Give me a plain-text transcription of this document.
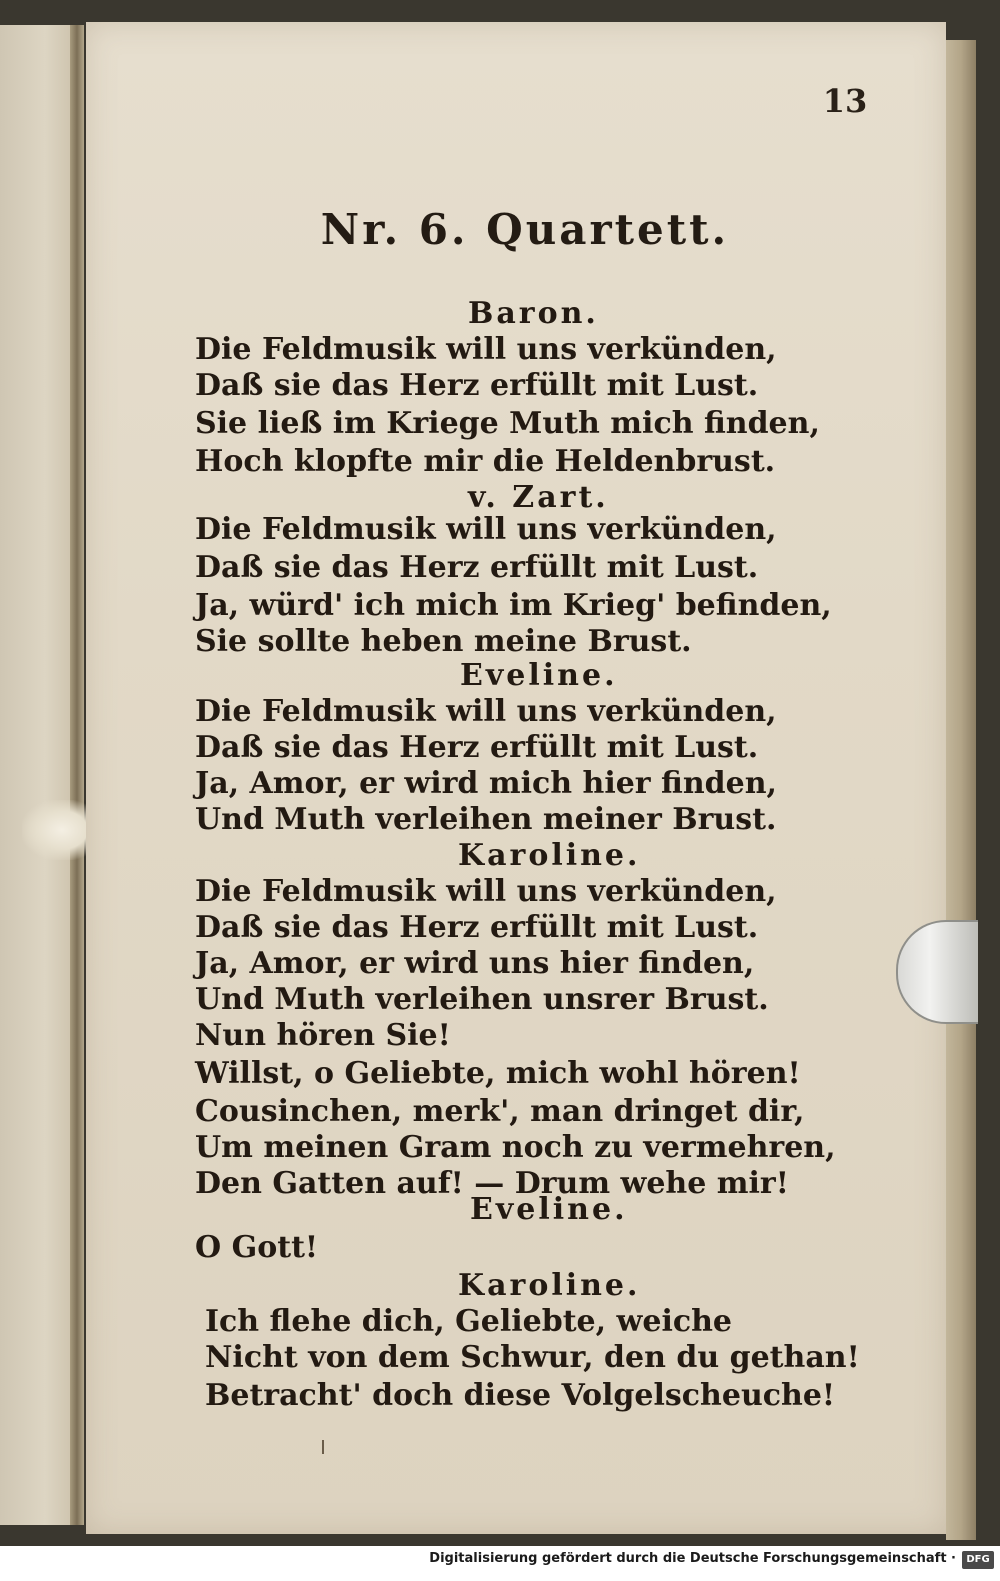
13
Nr. 6. Quartett.
Baron.
Die Feldmusik will uns verkünden,
Daß sie das Herz erfüllt mit Lust.
Sie ließ im Kriege Muth mich finden,
Hoch klopfte mir die Heldenbrust.
v. Zart.
Die Feldmusik will uns verkünden,
Daß sie das Herz erfüllt mit Lust.
Ja, würd' ich mich im Krieg' befinden,
Sie sollte heben meine Brust.
Eveline.
Die Feldmusik will uns verkünden,
Daß sie das Herz erfüllt mit Lust.
Ja, Amor, er wird mich hier finden,
Und Muth verleihen meiner Brust.
Karoline.
Die Feldmusik will uns verkünden,
Daß sie das Herz erfüllt mit Lust.
Ja, Amor, er wird uns hier finden,
Und Muth verleihen unsrer Brust.
Nun hören Sie!
Willst, o Geliebte, mich wohl hören!
Cousinchen, merk', man dringet dir,
Um meinen Gram noch zu vermehren,
Den Gatten auf! — Drum wehe mir!
Eveline.
O Gott!
Karoline.
Ich flehe dich, Geliebte, weiche
Nicht von dem Schwur, den du gethan!
Betracht' doch diese Volgelscheuche!
Digitalisierung gefördert durch die Deutsche Forschungsgemeinschaft ·	DFG
